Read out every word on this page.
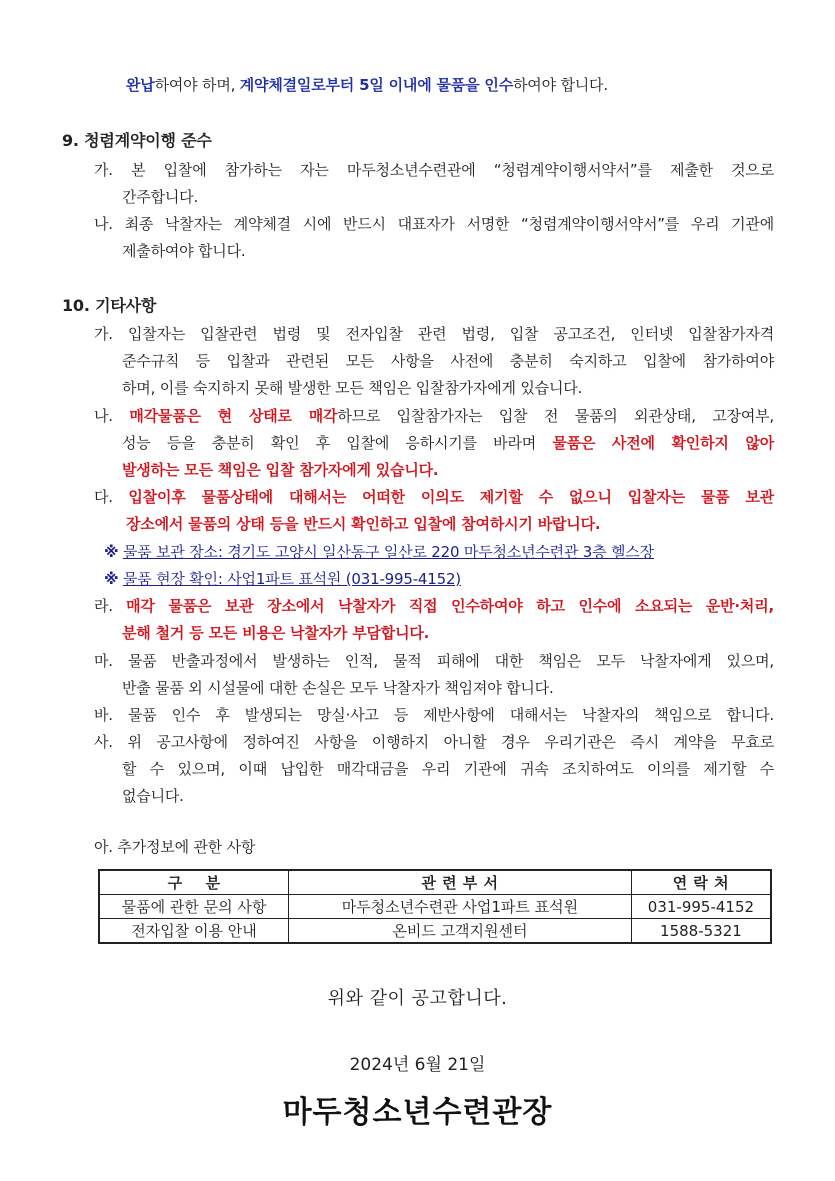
완납하여야 하며, 계약체결일로부터 5일 이내에 물품을 인수하여야 합니다.
9. 청렴계약이행 준수
가. 본 입찰에 참가하는 자는 마두청소년수련관에 “청렴계약이행서약서”를 제출한 것으로
간주합니다.
나. 최종 낙찰자는 계약체결 시에 반드시 대표자가 서명한 “청렴계약이행서약서”를 우리 기관에
제출하여야 합니다.
10. 기타사항
가. 입찰자는 입찰관련 법령 및 전자입찰 관련 법령, 입찰 공고조건, 인터넷 입찰참가자격
준수규칙 등 입찰과 관련된 모든 사항을 사전에 충분히 숙지하고 입찰에 참가하여야
하며, 이를 숙지하지 못해 발생한 모든 책임은 입찰참가자에게 있습니다.
나. 매각물품은 현 상태로 매각하므로 입찰참가자는 입찰 전 물품의 외관상태, 고장여부,
성능 등을 충분히 확인 후 입찰에 응하시기를 바라며 물품은 사전에 확인하지 않아
발생하는 모든 책임은 입찰 참가자에게 있습니다.
다. 입찰이후 물품상태에 대해서는 어떠한 이의도 제기할 수 없으니 입찰자는 물품 보관
장소에서 물품의 상태 등을 반드시 확인하고 입찰에 참여하시기 바랍니다.
※ 물품 보관 장소: 경기도 고양시 일산동구 일산로 220 마두청소년수련관 3층 헬스장
※ 물품 현장 확인: 사업1파트 표석원 (031-995-4152)
라. 매각 물품은 보관 장소에서 낙찰자가 직접 인수하여야 하고 인수에 소요되는 운반·처리,
분해 철거 등 모든 비용은 낙찰자가 부담합니다.
마. 물품 반출과정에서 발생하는 인적, 물적 피해에 대한 책임은 모두 낙찰자에게 있으며,
반출 물품 외 시설물에 대한 손실은 모두 낙찰자가 책임져야 합니다.
바. 물품 인수 후 발생되는 망실·사고 등 제반사항에 대해서는 낙찰자의 책임으로 합니다.
사. 위 공고사항에 정하여진 사항을 이행하지 아니할 경우 우리기관은 즉시 계약을 무효로
할 수 있으며, 이때 납입한 매각대금을 우리 기관에 귀속 조치하여도 이의를 제기할 수
없습니다.
아. 추가정보에 관한 사항
구    분	관 련 부 서	연 락 처
물품에 관한 문의 사항	마두청소년수련관 사업1파트 표석원	031-995-4152
전자입찰 이용 안내	온비드 고객지원센터	1588-5321
위와 같이 공고합니다.
2024년 6월 21일
마두청소년수련관장
